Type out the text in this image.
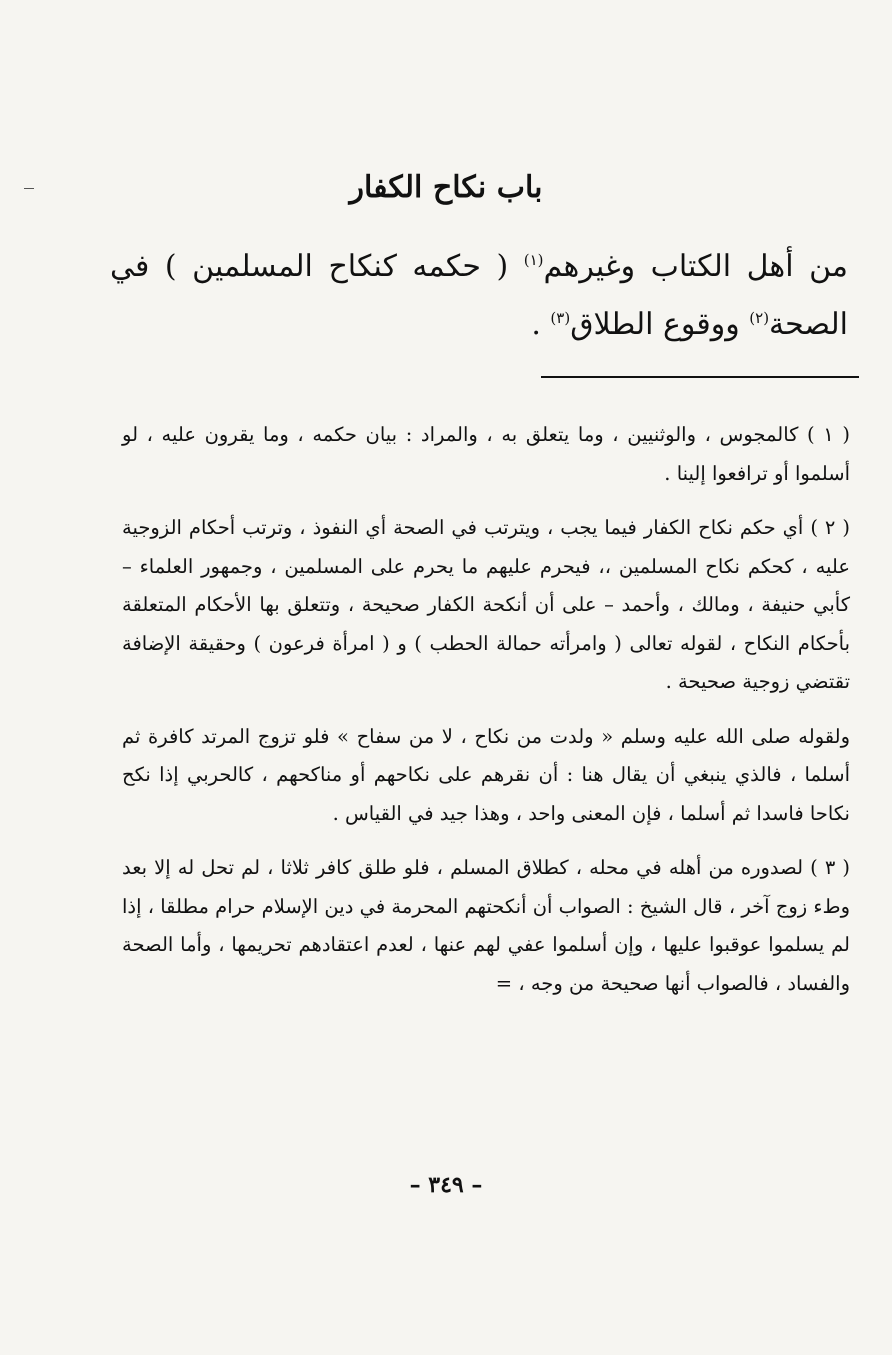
باب نكاح الكفار

من أهل الكتاب وغيرهم$^{(١)}$ ( حكمه كنكاح المسلمين ) في الصحة$^{(٢)}$ ووقوع الطلاق$^{(٣)}$ .

( ١ ) كالمجوس ، والوثنيين ، وما يتعلق به ، والمراد : بيان حكمه ، وما يقرون عليه ، لو أسلموا أو ترافعوا إلينا .

( ٢ ) أي حكم نكاح الكفار فيما يجب ، ويترتب في الصحة أي النفوذ ، وترتب أحكام الزوجية عليه ، كحكم نكاح المسلمين ،، فيحرم عليهم ما يحرم على المسلمين ، وجمهور العلماء – كأبي حنيفة ، ومالك ، وأحمد – على أن أنكحة الكفار صحيحة ، وتتعلق بها الأحكام المتعلقة بأحكام النكاح ، لقوله تعالى ( وامرأته حمالة الحطب ) و ( امرأة فرعون ) وحقيقة الإضافة تقتضي زوجية صحيحة .

ولقوله صلى الله عليه وسلم « ولدت من نكاح ، لا من سفاح » فلو تزوج المرتد كافرة ثم أسلما ، فالذي ينبغي أن يقال هنا : أن نقرهم على نكاحهم أو مناكحهم ، كالحربي إذا نكح نكاحا فاسدا ثم أسلما ، فإن المعنى واحد ، وهذا جيد في القياس .

( ٣ ) لصدوره من أهله في محله ، كطلاق المسلم ، فلو طلق كافر ثلاثا ، لم تحل له إلا بعد وطء زوج آخر ، قال الشيخ : الصواب أن أنكحتهم المحرمة في دين الإسلام حرام مطلقا ، إذا لم يسلموا عوقبوا عليها ، وإن أسلموا عفي لهم عنها ، لعدم اعتقادهم تحريمها ، وأما الصحة والفساد ، فالصواب أنها صحيحة من وجه ، =

– ٣٤٩ –
